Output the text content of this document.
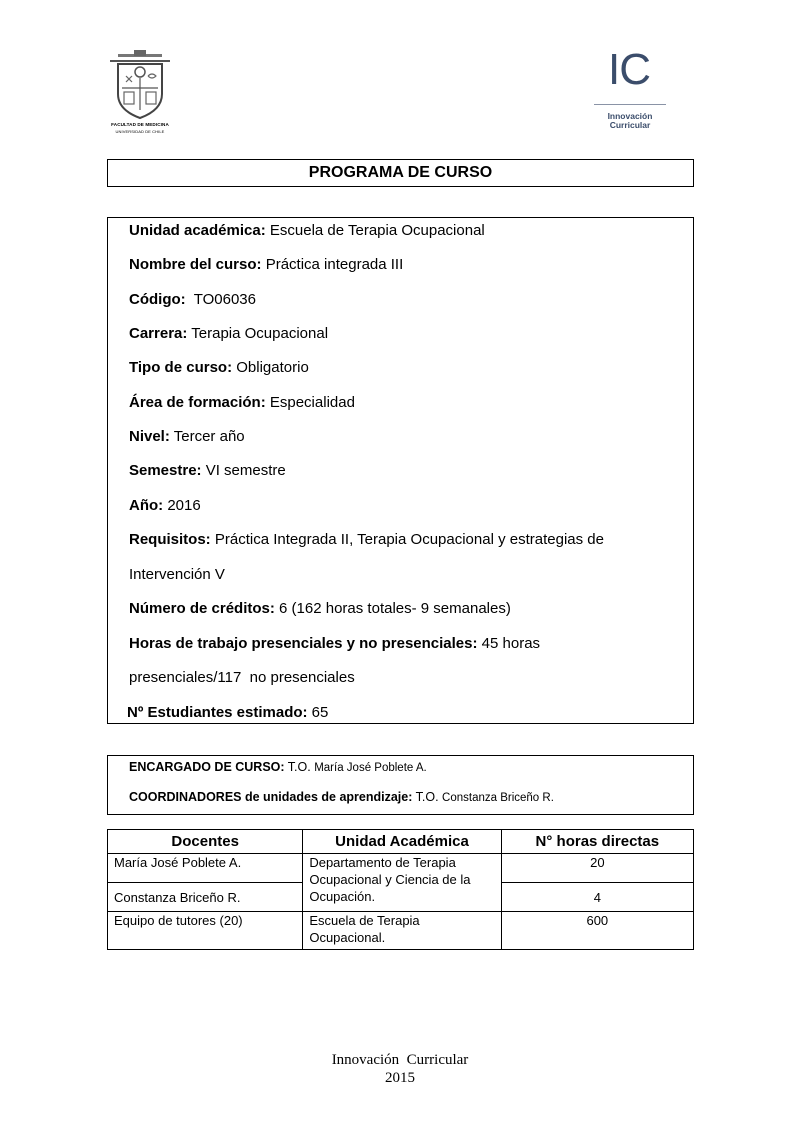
FACULTAD DE MEDICINA
UNIVERSIDAD DE CHILE
IC
Innovación
Curricular
PROGRAMA DE CURSO
Unidad académica: Escuela de Terapia Ocupacional
Nombre del curso: Práctica integrada III
Código:  TO06036
Carrera: Terapia Ocupacional
Tipo de curso: Obligatorio
Área de formación: Especialidad
Nivel: Tercer año
Semestre: VI semestre
Año: 2016
Requisitos: Práctica Integrada II, Terapia Ocupacional y estrategias de
Intervención V
Número de créditos: 6 (162 horas totales- 9 semanales)
Horas de trabajo presenciales y no presenciales: 45 horas
presenciales/117  no presenciales
Nº Estudiantes estimado: 65
ENCARGADO DE CURSO: T.O. María José Poblete A.
COORDINADORES de unidades de aprendizaje: T.O. Constanza Briceño R.
Docentes	Unidad Académica	N° horas directas
María José Poblete A.	Departamento de Terapia Ocupacional y Ciencia de la Ocupación.	20
Constanza Briceño R.		4
Equipo de tutores (20)	Escuela de Terapia Ocupacional.	600
Innovación  Curricular
2015
